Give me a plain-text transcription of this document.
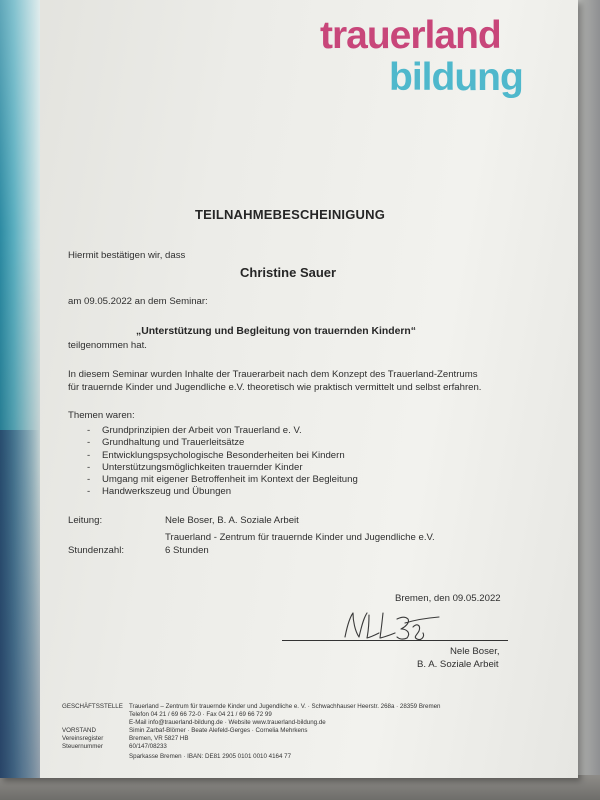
trauerland
bildung
TEILNAHMEBESCHEINIGUNG
Hiermit bestätigen wir, dass
Christine Sauer
am 09.05.2022 an dem Seminar:
„Unterstützung und Begleitung von trauernden Kindern“
teilgenommen hat.
In diesem Seminar wurden Inhalte der Trauerarbeit nach dem Konzept des Trauerland-Zentrums
für trauernde Kinder und Jugendliche e.V. theoretisch wie praktisch vermittelt und selbst erfahren.
Themen waren:
- Grundprinzipien der Arbeit von Trauerland e. V.
- Grundhaltung und Trauerleitsätze
- Entwicklungspsychologische Besonderheiten bei Kindern
- Unterstützungsmöglichkeiten trauernder Kinder
- Umgang mit eigener Betroffenheit im Kontext der Begleitung
- Handwerkszeug und Übungen
Leitung:	Nele Boser, B. A. Soziale Arbeit
Trauerland - Zentrum für trauernde Kinder und Jugendliche e.V.
Stundenzahl:	6 Stunden
Bremen, den 09.05.2022
Nele Boser,
B. A. Soziale Arbeit
GESCHÄFTSSTELLE Trauerland – Zentrum für trauernde Kinder und Jugendliche e. V. · Schwachhauser Heerstr. 268a · 28359 Bremen
Telefon 04 21 / 69 66 72-0 · Fax 04 21 / 69 66 72 99
E-Mail info@trauerland-bildung.de · Website www.trauerland-bildung.de
VORSTAND	Simin Zarbaf-Blömer · Beate Alefeld-Gerges · Cornelia Mehrkens
Vereinsregister	Bremen, VR 5827 HB
Steuernummer	60/147/08233
Sparkasse Bremen · IBAN: DE81 2905 0101 0010 4164 77
